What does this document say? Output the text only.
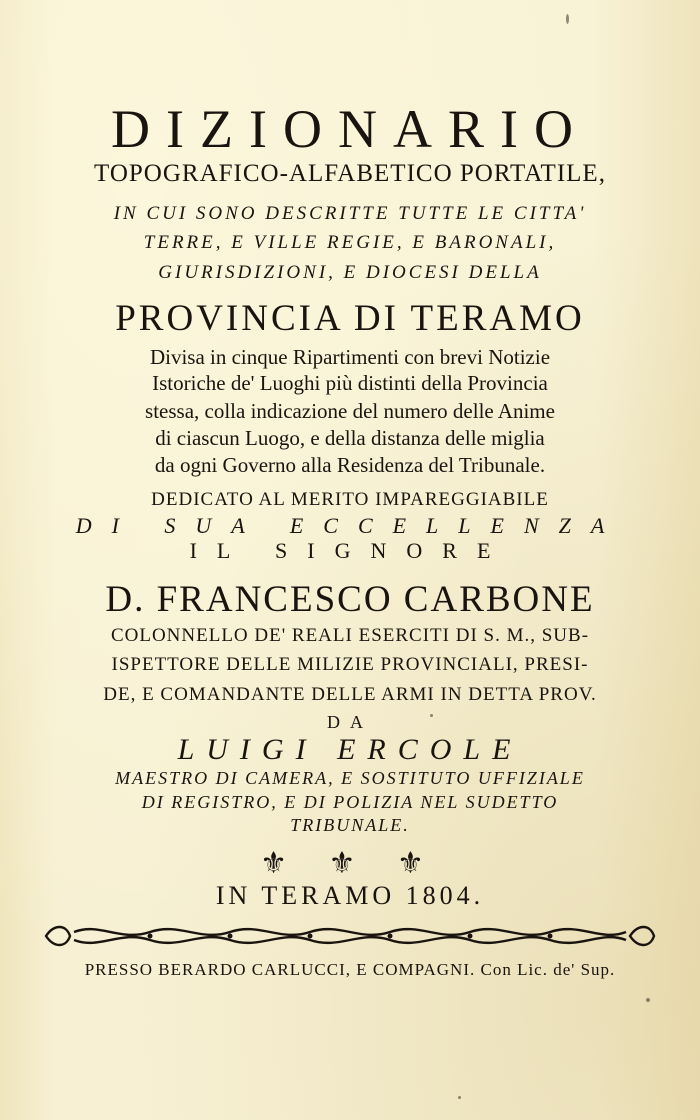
DIZIONARIO
TOPOGRAFICO-ALFABETICO PORTATILE,
IN CUI SONO DESCRITTE TUTTE LE CITTA'
TERRE, E VILLE REGIE, E BARONALI,
GIURISDIZIONI, E DIOCESI DELLA
PROVINCIA DI TERAMO
Divisa in cinque Ripartimenti con brevi Notizie
Istoriche de' Luoghi più distinti della Provincia
stessa, colla indicazione del numero delle Anime
di ciascun Luogo, e della distanza delle miglia
da ogni Governo alla Residenza del Tribunale.
DEDICATO AL MERITO IMPAREGGIABILE
DI SUA ECCELLENZA
IL SIGNORE
D. FRANCESCO CARBONE
COLONNELLO DE' REALI ESERCITI DI S. M., SUB-
ISPETTORE DELLE MILIZIE PROVINCIALI, PRESI-
DE, E COMANDANTE DELLE ARMI IN DETTA PROV.
DA
LUIGI ERCOLE
MAESTRO DI CAMERA, E SOSTITUTO UFFIZIALE
DI REGISTRO, E DI POLIZIA NEL SUDETTO
TRIBUNALE.
⚜ ⚜ ⚜
IN TERAMO 1804.
PRESSO BERARDO CARLUCCI, E COMPAGNI. Con Lic. de' Sup.
